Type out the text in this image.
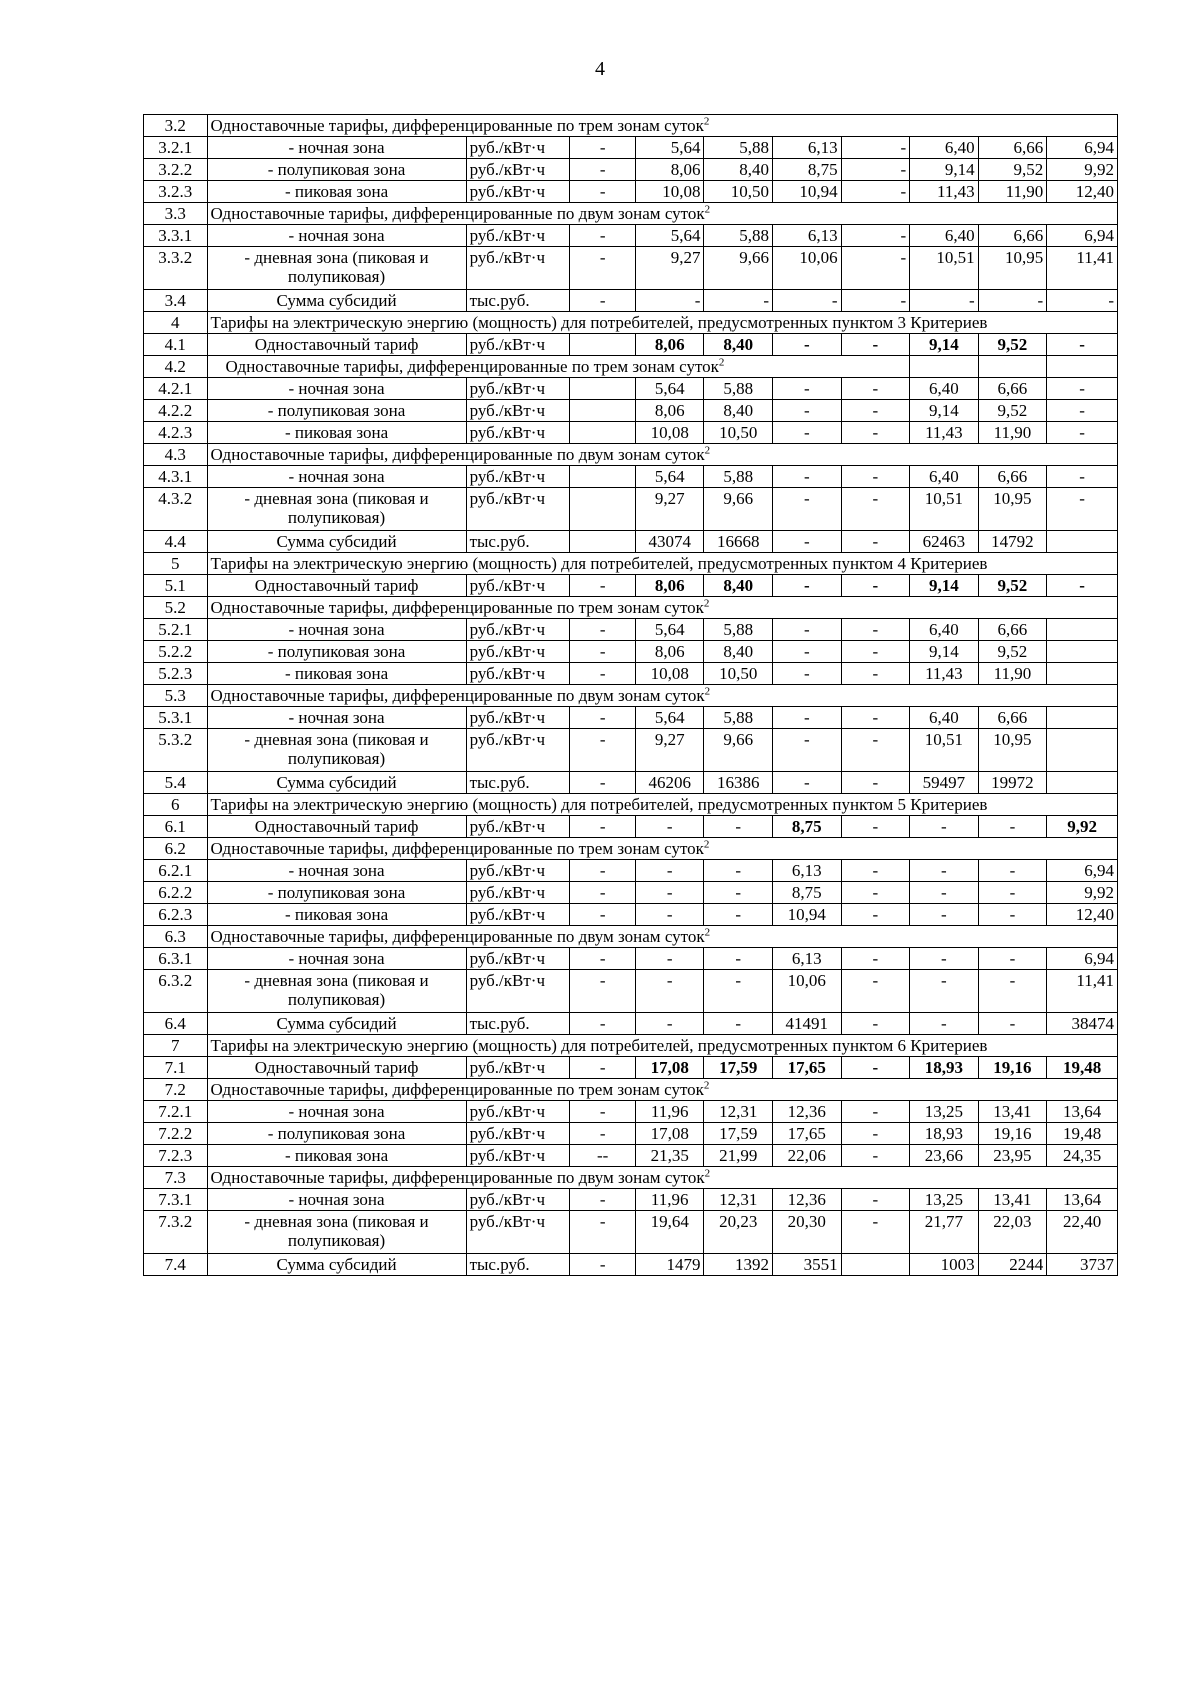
4
3.2	Одноставочные тарифы, дифференцированные по трем зонам суток$^2$
3.2.1	- ночная зона	руб./кВт·ч	-	5,64	5,88	6,13	-	6,40	6,66	6,94
3.2.2	- полупиковая зона	руб./кВт·ч	-	8,06	8,40	8,75	-	9,14	9,52	9,92
3.2.3	- пиковая зона	руб./кВт·ч	-	10,08	10,50	10,94	-	11,43	11,90	12,40
3.3	Одноставочные тарифы, дифференцированные по двум зонам суток$^2$
3.3.1	- ночная зона	руб./кВт·ч	-	5,64	5,88	6,13	-	6,40	6,66	6,94
3.3.2	- дневная зона (пиковая и полупиковая)	руб./кВт·ч	-	9,27	9,66	10,06	-	10,51	10,95	11,41
3.4	Сумма субсидий	тыс.руб.	-	-	-	-	-	-	-	-
4	Тарифы на электрическую энергию (мощность) для потребителей, предусмотренных пунктом 3 Критериев									
4.1	Одноставочный тариф	руб./кВт·ч		8,06	8,40	-	-	9,14	9,52	-
4.2	Одноставочные тарифы, дифференцированные по трем зонам суток$^2$			
4.2.1	- ночная зона	руб./кВт·ч		5,64	5,88	-	-	6,40	6,66	-
4.2.2	- полупиковая зона	руб./кВт·ч		8,06	8,40	-	-	9,14	9,52	-
4.2.3	- пиковая зона	руб./кВт·ч		10,08	10,50	-	-	11,43	11,90	-
4.3	Одноставочные тарифы, дифференцированные по двум зонам суток$^2$
4.3.1	- ночная зона	руб./кВт·ч		5,64	5,88	-	-	6,40	6,66	-
4.3.2	- дневная зона (пиковая и полупиковая)	руб./кВт·ч		9,27	9,66	-	-	10,51	10,95	-
4.4	Сумма субсидий	тыс.руб.		43074	16668	-	-	62463	14792	
5	Тарифы на электрическую энергию (мощность) для потребителей, предусмотренных пунктом 4 Критериев									
5.1	Одноставочный тариф	руб./кВт·ч	-	8,06	8,40	-	-	9,14	9,52	-
5.2	Одноставочные тарифы, дифференцированные по трем зонам суток$^2$
5.2.1	- ночная зона	руб./кВт·ч	-	5,64	5,88	-	-	6,40	6,66	
5.2.2	- полупиковая зона	руб./кВт·ч	-	8,06	8,40	-	-	9,14	9,52	
5.2.3	- пиковая зона	руб./кВт·ч	-	10,08	10,50	-	-	11,43	11,90	
5.3	Одноставочные тарифы, дифференцированные по двум зонам суток$^2$
5.3.1	- ночная зона	руб./кВт·ч	-	5,64	5,88	-	-	6,40	6,66	
5.3.2	- дневная зона (пиковая и полупиковая)	руб./кВт·ч	-	9,27	9,66	-	-	10,51	10,95	
5.4	Сумма субсидий	тыс.руб.	-	46206	16386	-	-	59497	19972	
6	Тарифы на электрическую энергию (мощность) для потребителей, предусмотренных пунктом 5 Критериев									
6.1	Одноставочный тариф	руб./кВт·ч	-	-	-	8,75	-	-	-	9,92
6.2	Одноставочные тарифы, дифференцированные по трем зонам суток$^2$
6.2.1	- ночная зона	руб./кВт·ч	-	-	-	6,13	-	-	-	6,94
6.2.2	- полупиковая зона	руб./кВт·ч	-	-	-	8,75	-	-	-	9,92
6.2.3	- пиковая зона	руб./кВт·ч	-	-	-	10,94	-	-	-	12,40
6.3	Одноставочные тарифы, дифференцированные по двум зонам суток$^2$
6.3.1	- ночная зона	руб./кВт·ч	-	-	-	6,13	-	-	-	6,94
6.3.2	- дневная зона (пиковая и полупиковая)	руб./кВт·ч	-	-	-	10,06	-	-	-	11,41
6.4	Сумма субсидий	тыс.руб.	-	-	-	41491	-	-	-	38474
7	Тарифы на электрическую энергию (мощность) для потребителей, предусмотренных пунктом 6 Критериев									
7.1	Одноставочный тариф	руб./кВт·ч	-	17,08	17,59	17,65	-	18,93	19,16	19,48
7.2	Одноставочные тарифы, дифференцированные по трем зонам суток$^2$
7.2.1	- ночная зона	руб./кВт·ч	-	11,96	12,31	12,36	-	13,25	13,41	13,64
7.2.2	- полупиковая зона	руб./кВт·ч	-	17,08	17,59	17,65	-	18,93	19,16	19,48
7.2.3	- пиковая зона	руб./кВт·ч	--	21,35	21,99	22,06	-	23,66	23,95	24,35
7.3	Одноставочные тарифы, дифференцированные по двум зонам суток$^2$
7.3.1	- ночная зона	руб./кВт·ч	-	11,96	12,31	12,36	-	13,25	13,41	13,64
7.3.2	- дневная зона (пиковая и полупиковая)	руб./кВт·ч	-	19,64	20,23	20,30	-	21,77	22,03	22,40
7.4	Сумма субсидий	тыс.руб.	-	1479	1392	3551		1003	2244	3737
